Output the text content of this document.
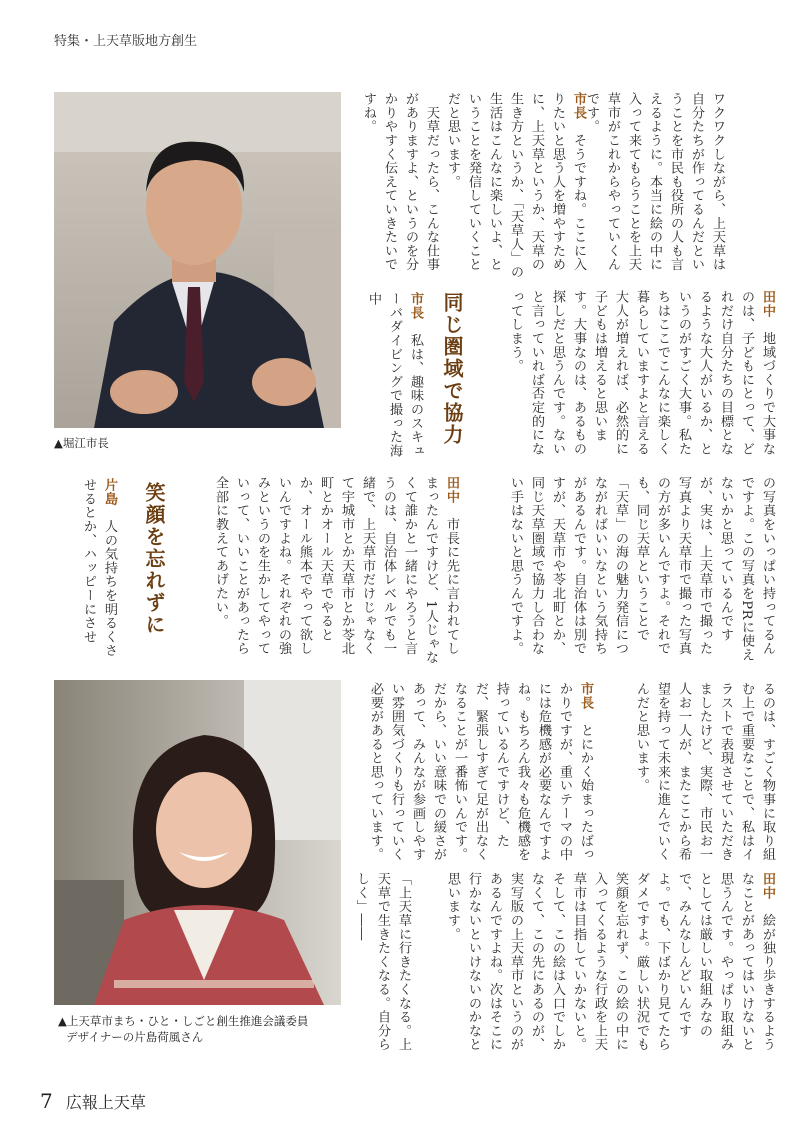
特集・上天草版地方創生
▲堀江市長
▲上天草市まち・ひと・しごと創生推進会議委員
デザイナーの片島荷風さん

ワクワクしながら、上天草は自分たちが作ってるんだということを市民も役所の人も言えるように。本当に絵の中に入って来てもらうことを上天草市がこれからやっていくんです。

市長　そうですね。ここに入りたいと思う人を増やすために、上天草というか、天草の生き方というか、「天草人」の生活はこんなに楽しいよ、ということを発信していくことだと思います。

　天草だったら、こんな仕事がありますよ、というのを分かりやすく伝えていきたいですね。

田中　地域づくりで大事なのは、子どもにとって、どれだけ自分たちの目標となるような大人がいるか、というのがすごく大事。私たちはここでこんなに楽しく暮らしていますよと言える大人が増えれば、必然的に子どもは増えると思います。大事なのは、あるもの探しだと思うんです。ないと言っていれば否定的になってしまう。

同じ圏域で協力

市長　私は、趣味のスキューバダイビングで撮った海中

の写真をいっぱい持ってるんですよ。この写真をPRに使えないかと思っているんですが、実は、上天草市で撮った写真より天草市で撮った写真の方が多いんですよ。それでも、同じ天草ということで「天草」の海の魅力発信につながればいいなという気持ちがあるんです。自治体は別ですが、天草市や苓北町とか、同じ天草圏域で協力し合わない手はないと思うんですよ。

田中　市長に先に言われてしまったんですけど、1人じゃなくて誰かと一緒にやろうと言うのは、自治体レベルでも一緒で、上天草市だけじゃなくて宇城市とか天草市とか苓北町とかオール天草でやるとか、オール熊本でやって欲しいんですよね。それぞれの強みというのを生かしてやっていって、いいことがあったら全部に教えてあげたい。

笑顔を忘れずに

片島　人の気持ちを明るくさせるとか、ハッピーにさせ

るのは、すごく物事に取り組む上で重要なことで、私はイラストで表現させていただきましたけど、実際、市民お一人お一人が、またここから希望を持って未来に進んでいくんだと思います。

市長　とにかく始まったばっかりですが、重いテーマの中には危機感が必要なんですよね。もちろん我々も危機感を持っているんですけど、ただ、緊張しすぎて足が出なくなることが一番怖いんです。だから、いい意味での緩さがあって、みんなが参画しやすい雰囲気づくりも行っていく必要があると思っています。

田中　絵が独り歩きするようなことがあってはいけないと思うんです。やっぱり取組みとしては厳しい取組みなので、みんなしんどいんですよ。でも、下ばかり見てたらダメですよ。厳しい状況でも笑顔を忘れず、この絵の中に入ってくるような行政を上天草市は目指していかないと。そして、この絵は入口でしかなくて、この先にあるのが、実写版の上天草市というのがあるんですよね。次はそこに行かないといけないのかなと思います。

「上天草に行きたくなる。上天草で生きたくなる。自分らしく」――

7 広報上天草
